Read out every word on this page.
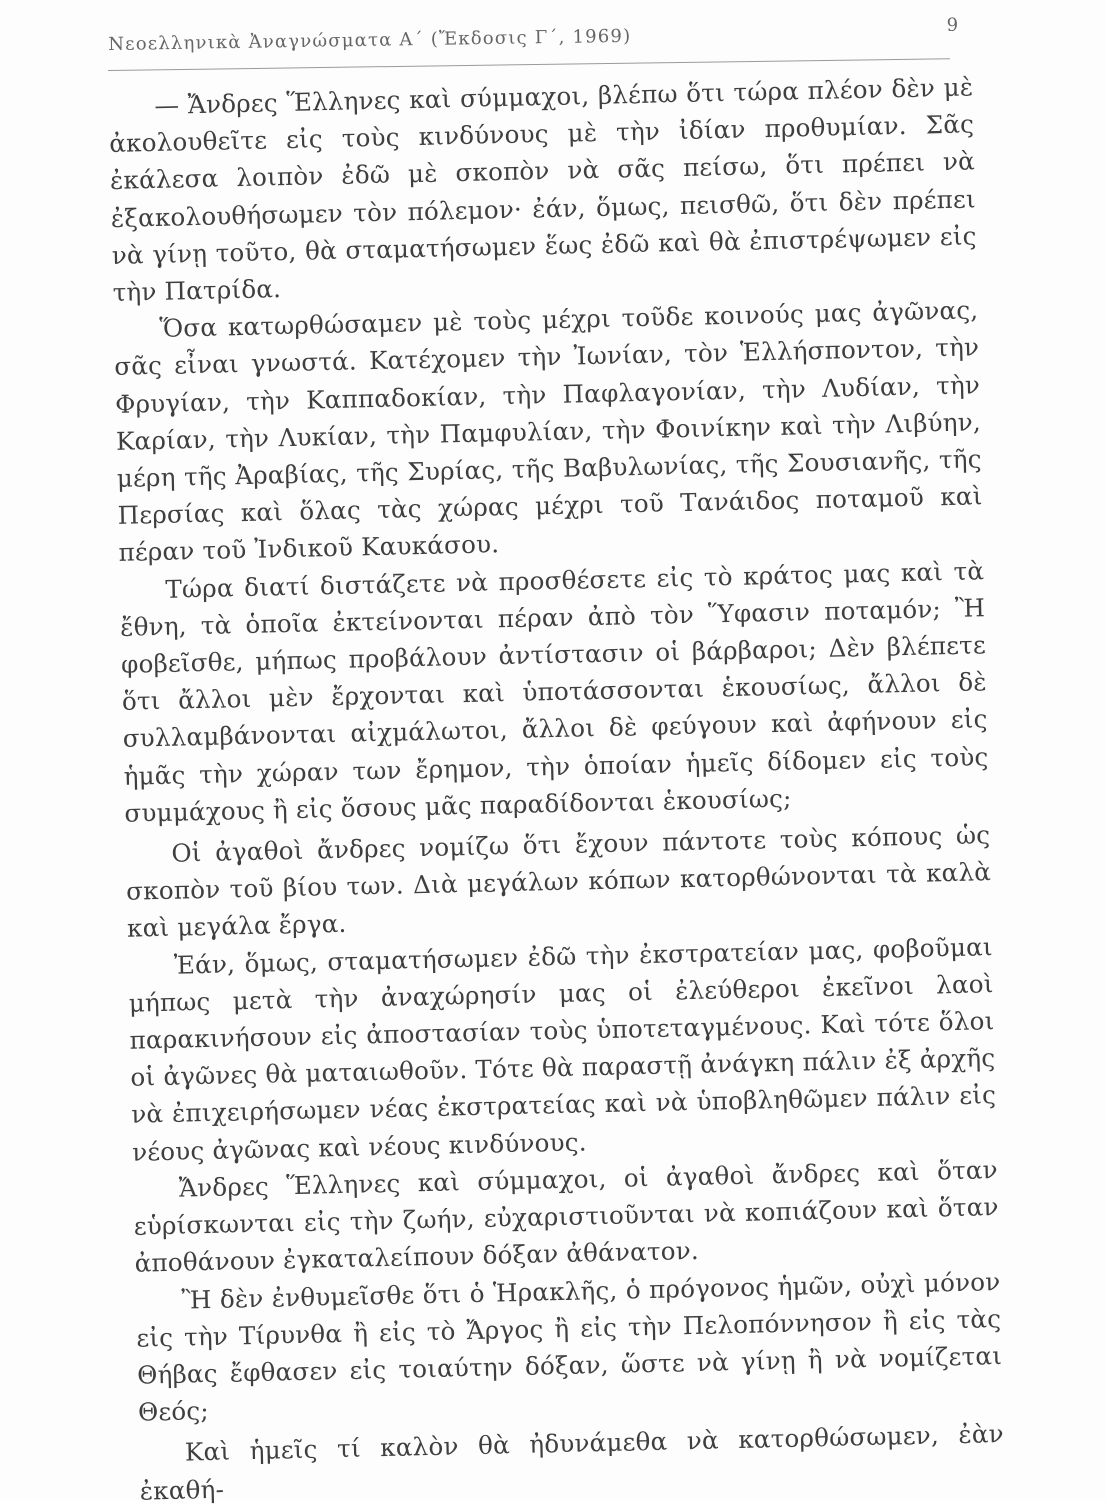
Νεοελληνικὰ Ἀναγνώσματα Α΄ (Ἔκδοσις Γ΄, 1969)
9

— Ἄνδρες Ἕλληνες καὶ σύμμαχοι, βλέπω ὅτι τώρα πλέον δὲν μὲ ἀκολουθεῖτε εἰς τοὺς κινδύνους μὲ τὴν ἰδίαν προθυμίαν. Σᾶς ἐκάλεσα λοιπὸν ἐδῶ μὲ σκοπὸν νὰ σᾶς πείσω, ὅτι πρέπει νὰ ἐξακολουθήσωμεν τὸν πόλεμον· ἐάν, ὅμως, πεισθῶ, ὅτι δὲν πρέπει νὰ γίνῃ τοῦτο, θὰ σταματήσωμεν ἕως ἐδῶ καὶ θὰ ἐπιστρέψωμεν εἰς τὴν Πατρίδα.

Ὅσα κατωρθώσαμεν μὲ τοὺς μέχρι τοῦδε κοινούς μας ἀγῶνας, σᾶς εἶναι γνωστά. Κατέχομεν τὴν Ἰωνίαν, τὸν Ἑλλήσποντον, τὴν Φρυγίαν, τὴν Καππαδοκίαν, τὴν Παφλαγονίαν, τὴν Λυδίαν, τὴν Καρίαν, τὴν Λυκίαν, τὴν Παμφυλίαν, τὴν Φοινίκην καὶ τὴν Λιβύην, μέρη τῆς Ἀραβίας, τῆς Συρίας, τῆς Βαβυλωνίας, τῆς Σουσιανῆς, τῆς Περσίας καὶ ὅλας τὰς χώρας μέχρι τοῦ Τανάιδος ποταμοῦ καὶ πέραν τοῦ Ἰνδικοῦ Καυκάσου.

Τώρα διατί διστάζετε νὰ προσθέσετε εἰς τὸ κράτος μας καὶ τὰ ἔθνη, τὰ ὁποῖα ἐκτείνονται πέραν ἀπὸ τὸν Ὕφασιν ποταμόν; Ἢ φοβεῖσθε, μήπως προβάλουν ἀντίστασιν οἱ βάρβαροι; Δὲν βλέπετε ὅτι ἄλλοι μὲν ἔρχονται καὶ ὑποτάσσονται ἑκουσίως, ἄλλοι δὲ συλλαμβάνονται αἰχμάλωτοι, ἄλλοι δὲ φεύγουν καὶ ἀφήνουν εἰς ἡμᾶς τὴν χώραν των ἔρημον, τὴν ὁποίαν ἡμεῖς δίδομεν εἰς τοὺς συμμάχους ἢ εἰς ὅσους μᾶς παραδίδονται ἑκουσίως;

Οἱ ἀγαθοὶ ἄνδρες νομίζω ὅτι ἔχουν πάντοτε τοὺς κόπους ὡς σκοπὸν τοῦ βίου των. Διὰ μεγάλων κόπων κατορθώνονται τὰ καλὰ καὶ μεγάλα ἔργα.

Ἐάν, ὅμως, σταματήσωμεν ἐδῶ τὴν ἐκστρατείαν μας, φοβοῦμαι μήπως μετὰ τὴν ἀναχώρησίν μας οἱ ἐλεύθεροι ἐκεῖνοι λαοὶ παρακινήσουν εἰς ἀποστασίαν τοὺς ὑποτεταγμένους. Καὶ τότε ὅλοι οἱ ἀγῶνες θὰ ματαιωθοῦν. Τότε θὰ παραστῇ ἀνάγκη πάλιν ἐξ ἀρχῆς νὰ ἐπιχειρήσωμεν νέας ἐκστρατείας καὶ νὰ ὑποβληθῶμεν πάλιν εἰς νέους ἀγῶνας καὶ νέους κινδύνους.

Ἄνδρες Ἕλληνες καὶ σύμμαχοι, οἱ ἀγαθοὶ ἄνδρες καὶ ὅταν εὑρίσκωνται εἰς τὴν ζωήν, εὐχαριστιοῦνται νὰ κοπιάζουν καὶ ὅταν ἀποθάνουν ἐγκαταλείπουν δόξαν ἀθάνατον.

Ἢ δὲν ἐνθυμεῖσθε ὅτι ὁ Ἡρακλῆς, ὁ πρόγονος ἡμῶν, οὐχὶ μόνον εἰς τὴν Τίρυνθα ἢ εἰς τὸ Ἄργος ἢ εἰς τὴν Πελοπόννησον ἢ εἰς τὰς Θήβας ἔφθασεν εἰς τοιαύτην δόξαν, ὥστε νὰ γίνῃ ἢ νὰ νομίζεται Θεός;

Καὶ ἡμεῖς τί καλὸν θὰ ἠδυνάμεθα νὰ κατορθώσωμεν, ἐὰν ἐκαθή-
